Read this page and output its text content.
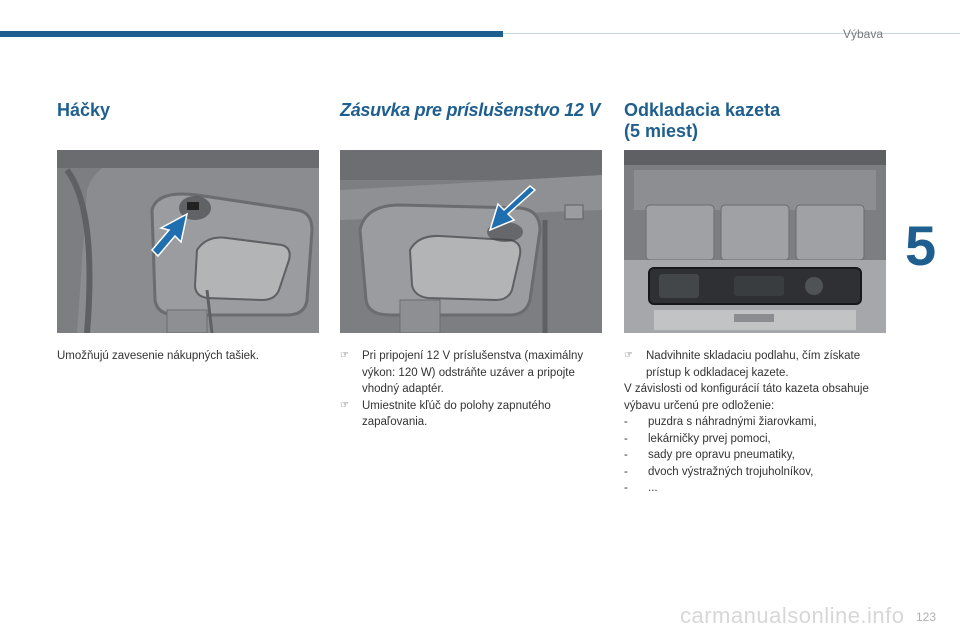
Výbava
5
Háčky

Umožňujú zavesenie nákupných tašiek.

Zásuvka pre príslušenstvo 12 V
☞	Pri pripojení 12 V príslušenstva (maximálny výkon: 120 W) odstráňte uzáver a pripojte vhodný adaptér.
☞	Umiestnite kľúč do polohy zapnutého zapaľovania.
Odkladacia kazeta
(5 miest)
☞	Nadvihnite skladaciu podlahu, čím získate prístup k odkladacej kazete.

V závislosti od konfigurácií táto kazeta obsahuje výbavu určenú pre odloženie:

-	puzdra s náhradnými žiarovkami,
-	lekárničky prvej pomoci,
-	sady pre opravu pneumatiky,
-	dvoch výstražných trojuholníkov,
-	...
carmanualsonline.info 123
